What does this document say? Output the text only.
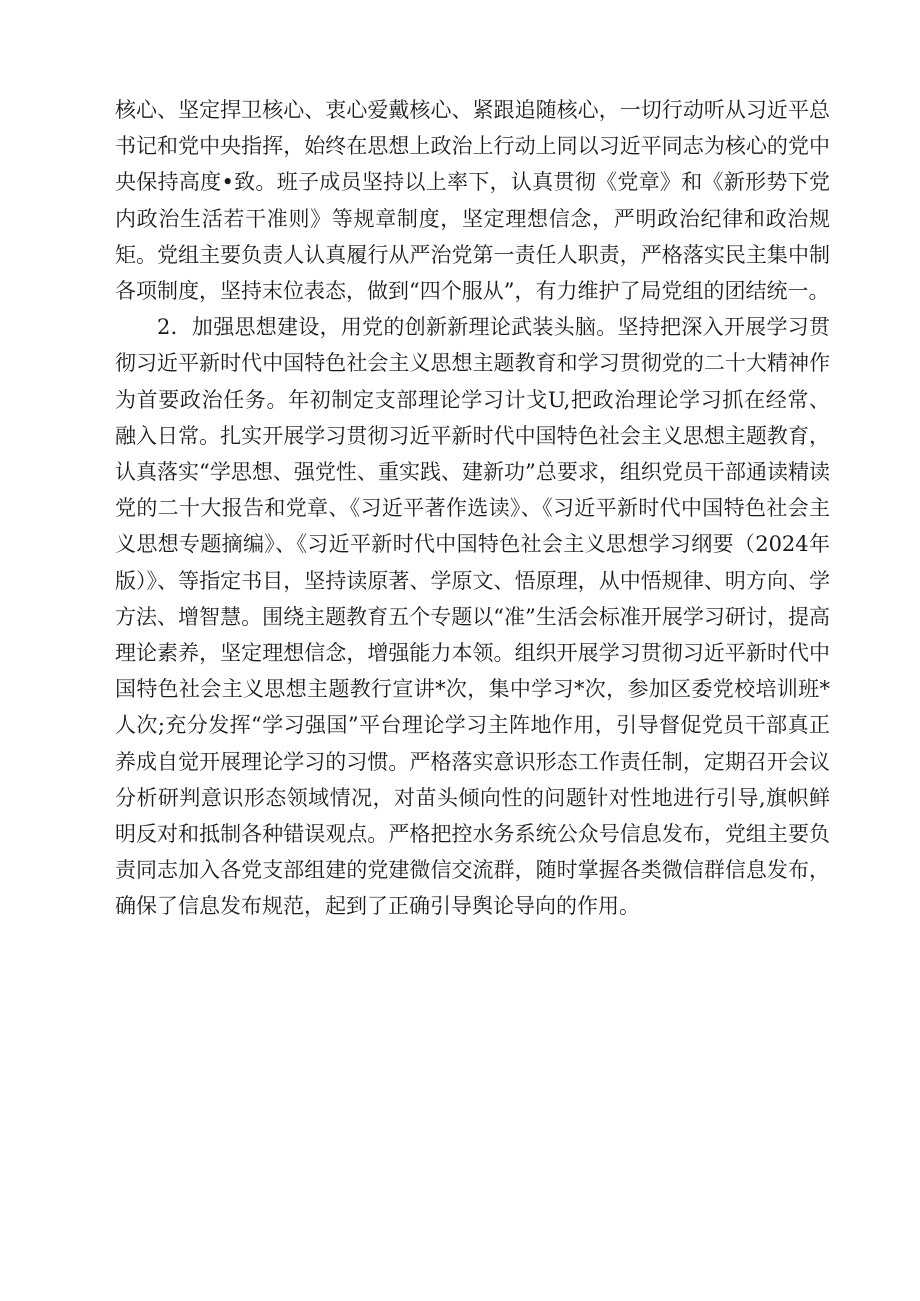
核心、坚定捍卫核心、衷心爱戴核心、紧跟追随核心，一切行动听从习近平总书记和党中央指挥，始终在思想上政治上行动上同以习近平同志为核心的党中央保持高度•致。班子成员坚持以上率下，认真贯彻《党章》和《新形势下党内政治生活若干准则》等规章制度，坚定理想信念，严明政治纪律和政治规矩。党组主要负责人认真履行从严治党第一责任人职责，严格落实民主集中制各项制度，坚持末位表态，做到“四个服从”，有力维护了局党组的团结统一。

2．加强思想建设，用党的创新新理论武装头脑。坚持把深入开展学习贯彻习近平新时代中国特色社会主义思想主题教育和学习贯彻党的二十大精神作为首要政治任务。年初制定支部理论学习计戈U,把政治理论学习抓在经常、融入日常。扎实开展学习贯彻习近平新时代中国特色社会主义思想主题教育，认真落实“学思想、强党性、重实践、建新功”总要求，组织党员干部通读精读党的二十大报告和党章、《习近平著作选读》、《习近平新时代中国特色社会主义思想专题摘编》、《习近平新时代中国特色社会主义思想学习纲要（2024年版）》、等指定书目，坚持读原著、学原文、悟原理，从中悟规律、明方向、学方法、增智慧。围绕主题教育五个专题以“准”生活会标准开展学习研讨，提高理论素养，坚定理想信念，增强能力本领。组织开展学习贯彻习近平新时代中国特色社会主义思想主题教行宣讲*次，集中学习*次，参加区委党校培训班*人次;充分发挥“学习强国”平台理论学习主阵地作用，引导督促党员干部真正养成自觉开展理论学习的习惯。严格落实意识形态工作责任制，定期召开会议分析研判意识形态领域情况，对苗头倾向性的问题针对性地进行引导,旗帜鲜明反对和抵制各种错误观点。严格把控水务系统公众号信息发布，党组主要负责同志加入各党支部组建的党建微信交流群，随时掌握各类微信群信息发布，确保了信息发布规范，起到了正确引导舆论导向的作用。
